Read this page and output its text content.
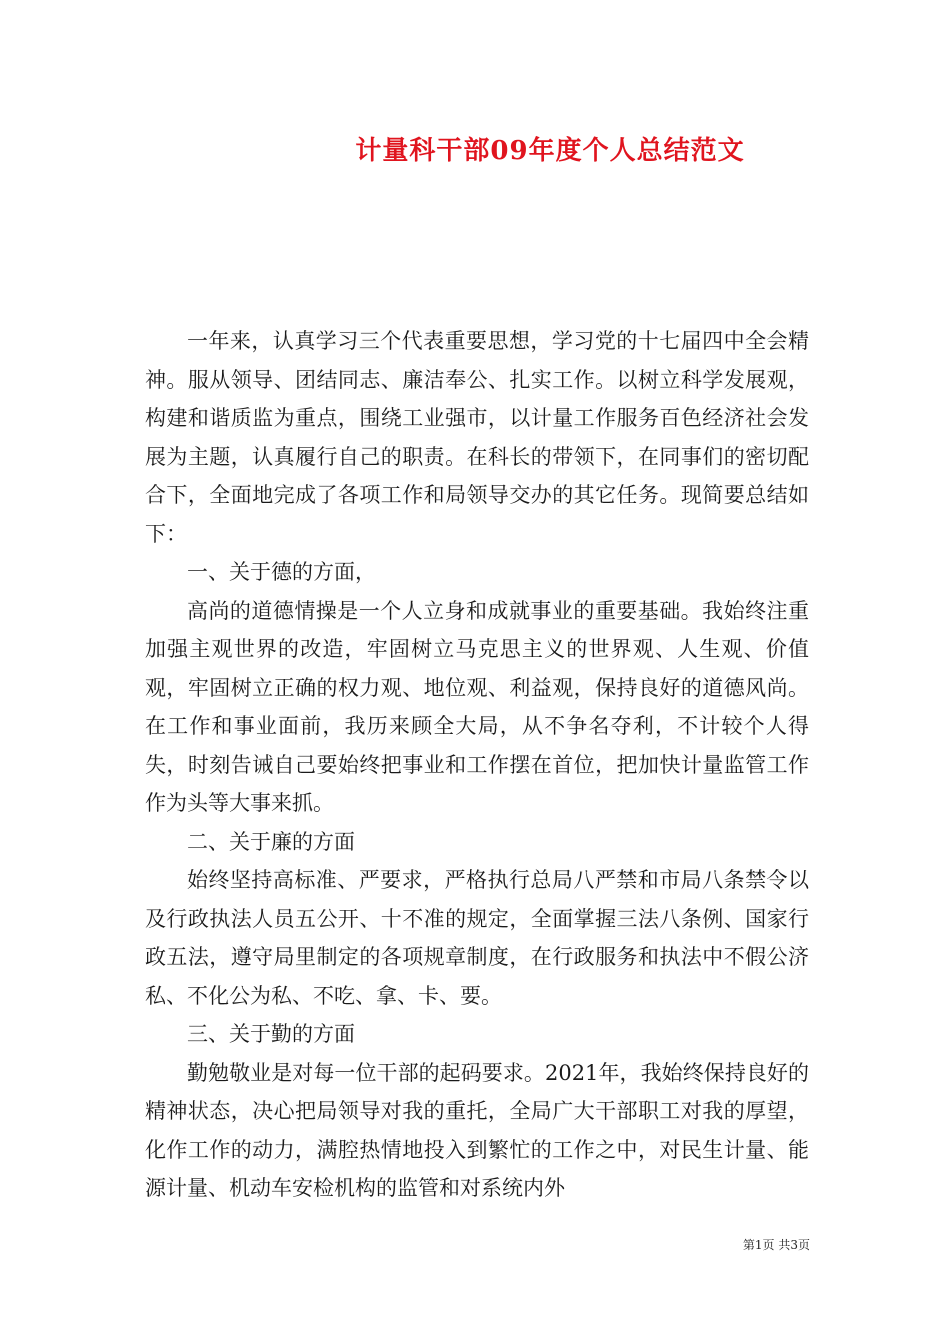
计量科干部09年度个人总结范文

一年来，认真学习三个代表重要思想，学习党的十七届四中全会精神。服从领导、团结同志、廉洁奉公、扎实工作。以树立科学发展观，构建和谐质监为重点，围绕工业强市，以计量工作服务百色经济社会发展为主题，认真履行自己的职责。在科长的带领下，在同事们的密切配合下，全面地完成了各项工作和局领导交办的其它任务。现简要总结如下：

一、关于德的方面，

高尚的道德情操是一个人立身和成就事业的重要基础。我始终注重加强主观世界的改造，牢固树立马克思主义的世界观、人生观、价值观，牢固树立正确的权力观、地位观、利益观，保持良好的道德风尚。在工作和事业面前，我历来顾全大局，从不争名夺利，不计较个人得失，时刻告诫自己要始终把事业和工作摆在首位，把加快计量监管工作作为头等大事来抓。

二、关于廉的方面

始终坚持高标准、严要求，严格执行总局八严禁和市局八条禁令以及行政执法人员五公开、十不准的规定，全面掌握三法八条例、国家行政五法，遵守局里制定的各项规章制度，在行政服务和执法中不假公济私、不化公为私、不吃、拿、卡、要。

三、关于勤的方面

勤勉敬业是对每一位干部的起码要求。2021年，我始终保持良好的精神状态，决心把局领导对我的重托，全局广大干部职工对我的厚望，化作工作的动力，满腔热情地投入到繁忙的工作之中，对民生计量、能源计量、机动车安检机构的监管和对系统内外

第1页 共3页
